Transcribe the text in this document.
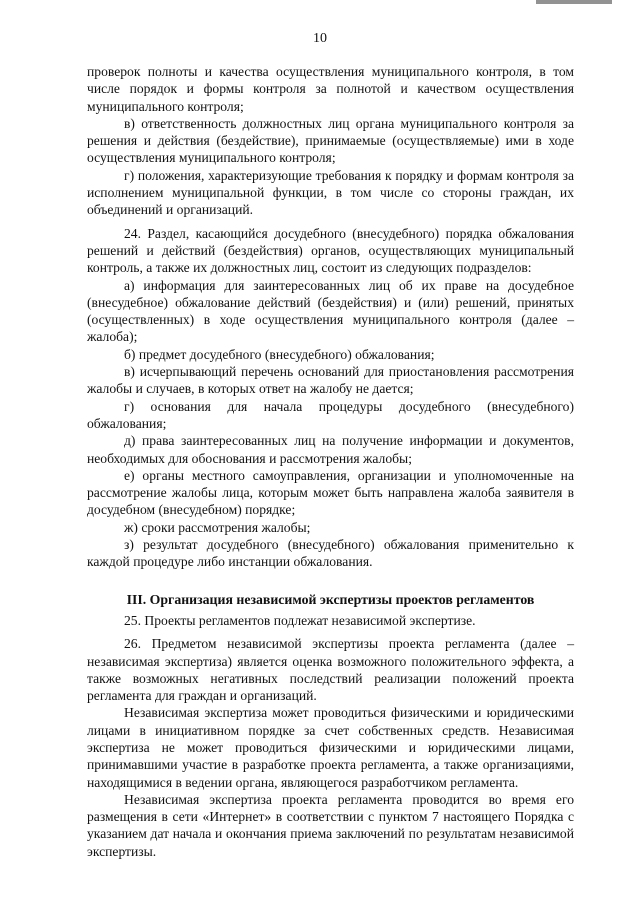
10

проверок полноты и качества осуществления муниципального контроля, в том числе порядок и формы контроля за полнотой и качеством осуществления муниципального контроля;

в) ответственность должностных лиц органа муниципального контроля за решения и действия (бездействие), принимаемые (осуществляемые) ими в ходе осуществления муниципального контроля;

г) положения, характеризующие требования к порядку и формам контроля за исполнением муниципальной функции, в том числе со стороны граждан, их объединений и организаций.

24. Раздел, касающийся досудебного (внесудебного) порядка обжалования решений и действий (бездействия) органов, осуществляющих муниципальный контроль, а также их должностных лиц, состоит из следующих подразделов:

а) информация для заинтересованных лиц об их праве на досудебное (внесудебное) обжалование действий (бездействия) и (или) решений, принятых (осуществленных) в ходе осуществления муниципального контроля (далее – жалоба);

б) предмет досудебного (внесудебного) обжалования;

в) исчерпывающий перечень оснований для приостановления рассмотрения жалобы и случаев, в которых ответ на жалобу не дается;

г) основания для начала процедуры досудебного (внесудебного) обжалования;

д) права заинтересованных лиц на получение информации и документов, необходимых для обоснования и рассмотрения жалобы;

е) органы местного самоуправления, организации и уполномоченные на рассмотрение жалобы лица, которым может быть направлена жалоба заявителя в досудебном (внесудебном) порядке;

ж) сроки рассмотрения жалобы;

з) результат досудебного (внесудебного) обжалования применительно к каждой процедуре либо инстанции обжалования.

III. Организация независимой экспертизы проектов регламентов

25. Проекты регламентов подлежат независимой экспертизе.

26. Предметом независимой экспертизы проекта регламента (далее – независимая экспертиза) является оценка возможного положительного эффекта, а также возможных негативных последствий реализации положений проекта регламента для граждан и организаций.

Независимая экспертиза может проводиться физическими и юридическими лицами в инициативном порядке за счет собственных средств. Независимая экспертиза не может проводиться физическими и юридическими лицами, принимавшими участие в разработке проекта регламента, а также организациями, находящимися в ведении органа, являющегося разработчиком регламента.

Независимая экспертиза проекта регламента проводится во время его размещения в сети «Интернет» в соответствии с пунктом 7 настоящего Порядка с указанием дат начала и окончания приема заключений по результатам независимой экспертизы.
